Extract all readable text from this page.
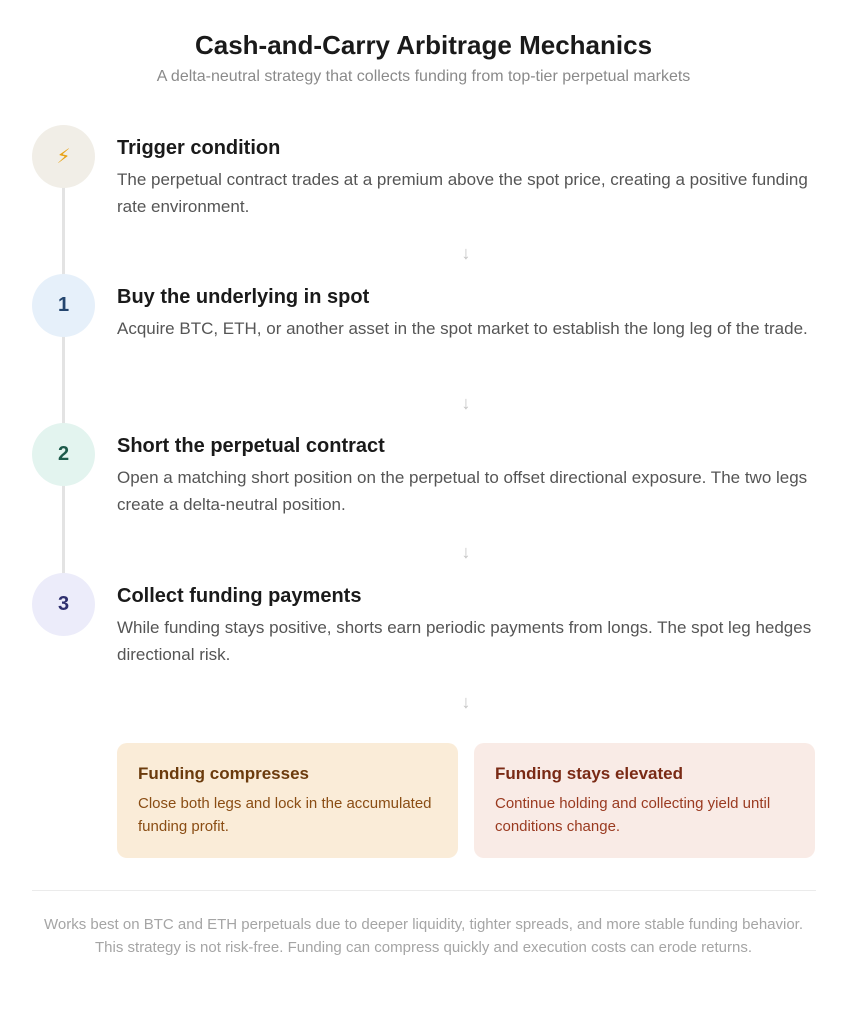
Cash-and-Carry Arbitrage Mechanics
A delta-neutral strategy that collects funding from top-tier perpetual markets
⚡ Trigger condition
The perpetual contract trades at a premium above the spot price, creating a positive funding rate environment.
↓
1 Buy the underlying in spot
Acquire BTC, ETH, or another asset in the spot market to establish the long leg of the trade.
↓
2 Short the perpetual contract
Open a matching short position on the perpetual to offset directional exposure. The two legs create a delta-neutral position.
↓
3 Collect funding payments
While funding stays positive, shorts earn periodic payments from longs. The spot leg hedges directional risk.
↓
Funding compresses
Close both legs and lock in the accumulated funding profit.
Funding stays elevated
Continue holding and collecting yield until conditions change.
Works best on BTC and ETH perpetuals due to deeper liquidity, tighter spreads, and more stable funding behavior. This strategy is not risk-free. Funding can compress quickly and execution costs can erode returns.
